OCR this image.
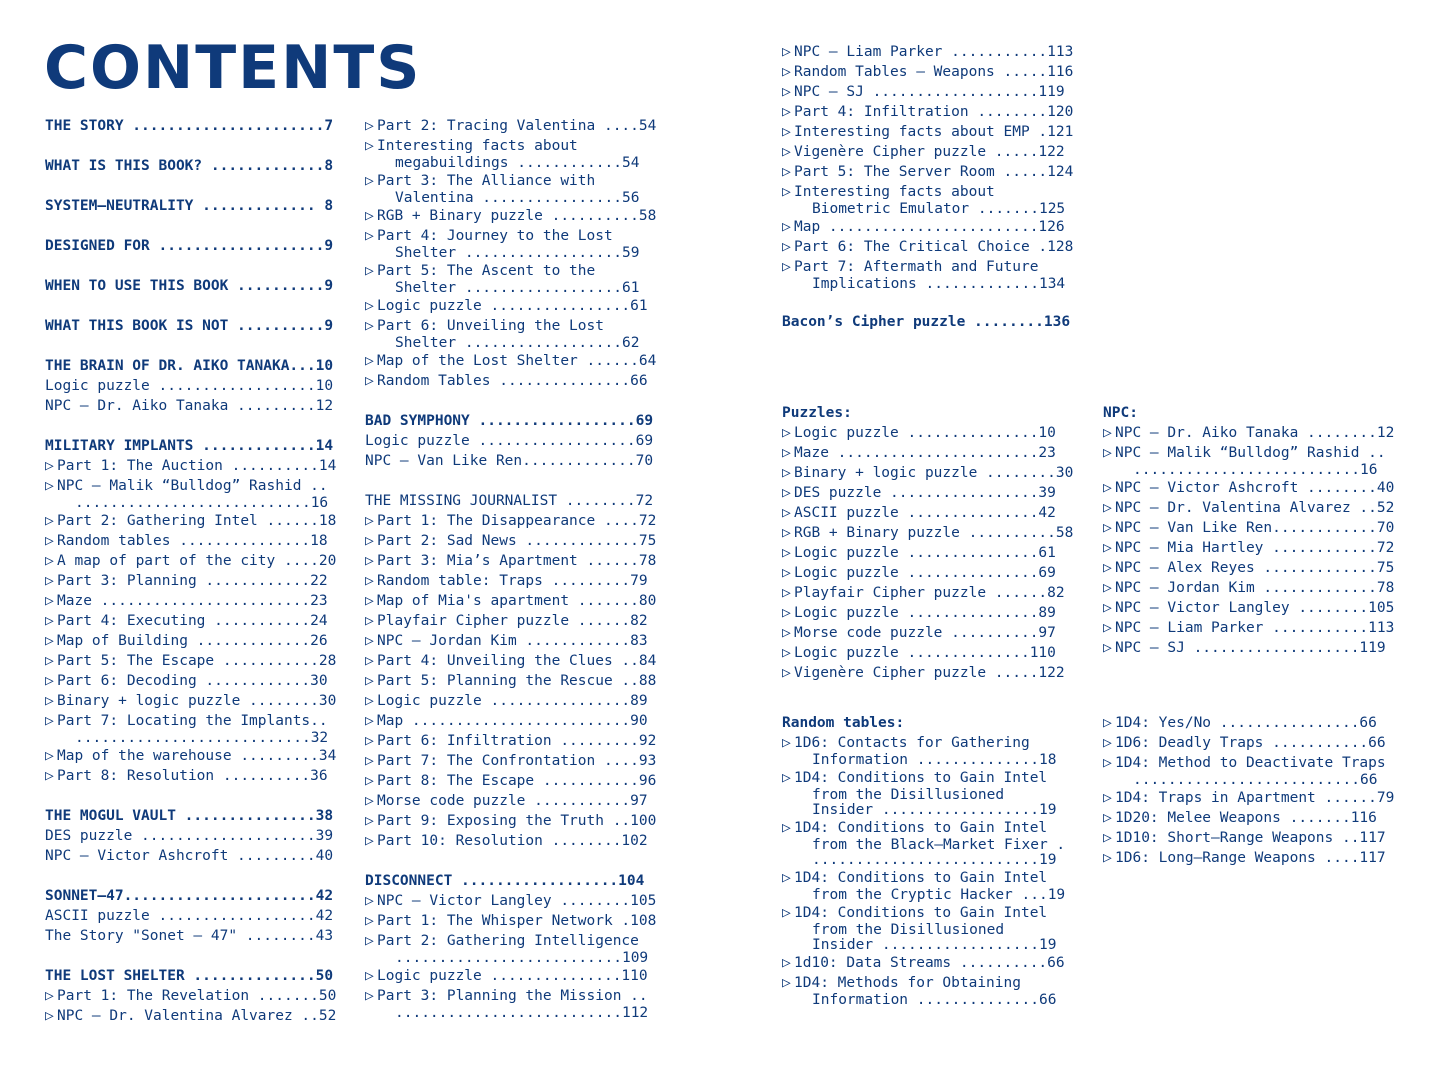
CONTENTS
THE STORY ......................7
WHAT IS THIS BOOK? .............8
SYSTEM–NEUTRALITY ............. 8
DESIGNED FOR ...................9
WHEN TO USE THIS BOOK ..........9
WHAT THIS BOOK IS NOT ..........9
THE BRAIN OF DR. AIKO TANAKA...10
Logic puzzle ..................10
NPC – Dr. Aiko Tanaka .........12
MILITARY IMPLANTS .............14
▷ Part 1: The Auction ..........14
▷ NPC – Malik “Bulldog” Rashid ..
...........................16
▷ Part 2: Gathering Intel ......18
▷ Random tables ...............18
▷ A map of part of the city ....20
▷ Part 3: Planning ............22
▷ Maze ........................23
▷ Part 4: Executing ...........24
▷ Map of Building .............26
▷ Part 5: The Escape ...........28
▷ Part 6: Decoding ............30
▷ Binary + logic puzzle ........30
▷ Part 7: Locating the Implants..
...........................32
▷ Map of the warehouse .........34
▷ Part 8: Resolution ..........36
THE MOGUL VAULT ...............38
DES puzzle ....................39
NPC – Victor Ashcroft .........40
SONNET–47......................42
ASCII puzzle ..................42
The Story "Sonet – 47" ........43
THE LOST SHELTER ..............50
▷ Part 1: The Revelation .......50
▷ NPC – Dr. Valentina Alvarez ..52
▷ Part 2: Tracing Valentina ....54
▷ Interesting facts about
megabuildings ............54
▷ Part 3: The Alliance with
Valentina ................56
▷ RGB + Binary puzzle ..........58
▷ Part 4: Journey to the Lost
Shelter ..................59
▷ Part 5: The Ascent to the
Shelter ..................61
▷ Logic puzzle ................61
▷ Part 6: Unveiling the Lost
Shelter ..................62
▷ Map of the Lost Shelter ......64
▷ Random Tables ...............66
BAD SYMPHONY ..................69
Logic puzzle ..................69
NPC – Van Like Ren.............70
THE MISSING JOURNALIST ........72
▷ Part 1: The Disappearance ....72
▷ Part 2: Sad News .............75
▷ Part 3: Mia’s Apartment ......78
▷ Random table: Traps .........79
▷ Map of Mia's apartment .......80
▷ Playfair Cipher puzzle ......82
▷ NPC – Jordan Kim ............83
▷ Part 4: Unveiling the Clues ..84
▷ Part 5: Planning the Rescue ..88
▷ Logic puzzle ................89
▷ Map .........................90
▷ Part 6: Infiltration .........92
▷ Part 7: The Confrontation ....93
▷ Part 8: The Escape ...........96
▷ Morse code puzzle ...........97
▷ Part 9: Exposing the Truth ..100
▷ Part 10: Resolution ........102
DISCONNECT ..................104
▷ NPC – Victor Langley ........105
▷ Part 1: The Whisper Network .108
▷ Part 2: Gathering Intelligence
..........................109
▷ Logic puzzle ...............110
▷ Part 3: Planning the Mission ..
..........................112
▷ NPC – Liam Parker ...........113
▷ Random Tables – Weapons .....116
▷ NPC – SJ ...................119
▷ Part 4: Infiltration ........120
▷ Interesting facts about EMP .121
▷ Vigenère Cipher puzzle .....122
▷ Part 5: The Server Room .....124
▷ Interesting facts about
Biometric Emulator .......125
▷ Map ........................126
▷ Part 6: The Critical Choice .128
▷ Part 7: Aftermath and Future
Implications .............134
Bacon’s Cipher puzzle ........136
Puzzles:
▷ Logic puzzle ...............10
▷ Maze .......................23
▷ Binary + logic puzzle ........30
▷ DES puzzle .................39
▷ ASCII puzzle ...............42
▷ RGB + Binary puzzle ..........58
▷ Logic puzzle ...............61
▷ Logic puzzle ...............69
▷ Playfair Cipher puzzle ......82
▷ Logic puzzle ...............89
▷ Morse code puzzle ..........97
▷ Logic puzzle ..............110
▷ Vigenère Cipher puzzle .....122
NPC:
▷ NPC – Dr. Aiko Tanaka ........12
▷ NPC – Malik “Bulldog” Rashid ..
..........................16
▷ NPC – Victor Ashcroft ........40
▷ NPC – Dr. Valentina Alvarez ..52
▷ NPC – Van Like Ren............70
▷ NPC – Mia Hartley ............72
▷ NPC – Alex Reyes .............75
▷ NPC – Jordan Kim .............78
▷ NPC – Victor Langley ........105
▷ NPC – Liam Parker ...........113
▷ NPC – SJ ...................119
Random tables:
▷ 1D6: Contacts for Gathering
Information ..............18
▷ 1D4: Conditions to Gain Intel
from the Disillusioned
Insider ..................19
▷ 1D4: Conditions to Gain Intel
from the Black–Market Fixer .
..........................19
▷ 1D4: Conditions to Gain Intel
from the Cryptic Hacker ...19
▷ 1D4: Conditions to Gain Intel
from the Disillusioned
Insider ..................19
▷ 1d10: Data Streams ..........66
▷ 1D4: Methods for Obtaining
Information ..............66
▷ 1D4: Yes/No ................66
▷ 1D6: Deadly Traps ...........66
▷ 1D4: Method to Deactivate Traps
..........................66
▷ 1D4: Traps in Apartment ......79
▷ 1D20: Melee Weapons .......116
▷ 1D10: Short–Range Weapons ..117
▷ 1D6: Long–Range Weapons ....117
